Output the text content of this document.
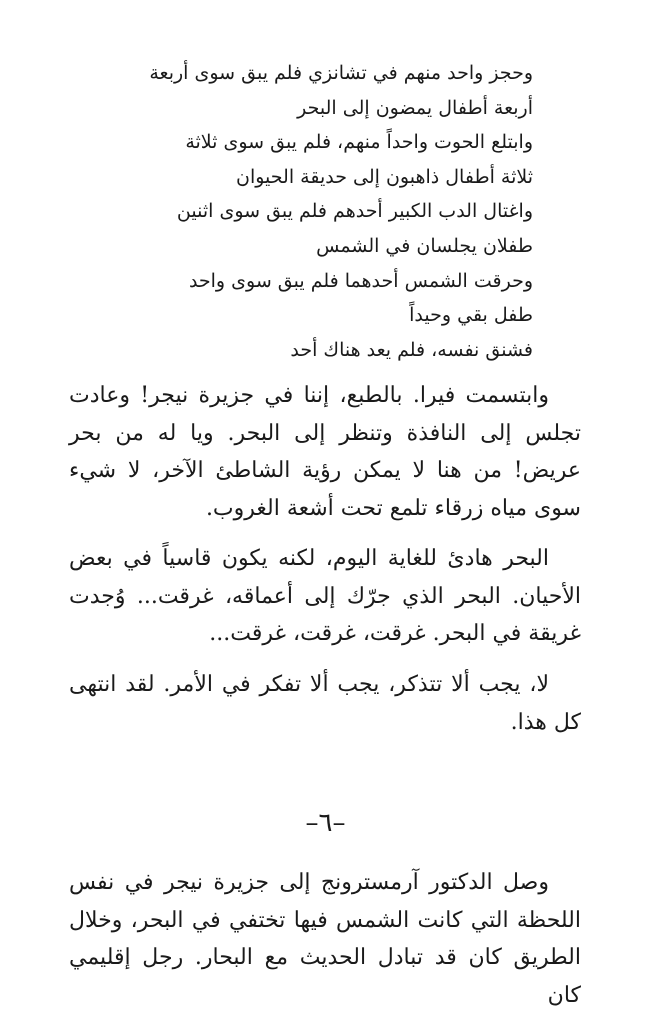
وحجز واحد منهم في تشانزي فلم يبق سوى أربعة
أربعة أطفال يمضون إلى البحر
وابتلع الحوت واحداً منهم، فلم يبق سوى ثلاثة
ثلاثة أطفال ذاهبون إلى حديقة الحيوان
واغتال الدب الكبير أحدهم فلم يبق سوى اثنين
طفلان يجلسان في الشمس
وحرقت الشمس أحدهما فلم يبق سوى واحد
طفل بقي وحيداً
فشنق نفسه، فلم يعد هناك أحد

وابتسمت فيرا. بالطبع، إننا في جزيرة نيجر! وعادت تجلس إلى النافذة وتنظر إلى البحر. ويا له من بحر عريض! من هنا لا يمكن رؤية الشاطئ الآخر، لا شيء سوى مياه زرقاء تلمع تحت أشعة الغروب.

البحر هادئ للغاية اليوم، لكنه يكون قاسياً في بعض الأحيان. البحر الذي جرّك إلى أعماقه، غرقت... وُجدت غريقة في البحر. غرقت، غرقت، غرقت...

لا، يجب ألا تتذكر، يجب ألا تفكر في الأمر. لقد انتهى كل هذا.

–٦–

وصل الدكتور آرمسترونج إلى جزيرة نيجر في نفس اللحظة التي كانت الشمس فيها تختفي في البحر، وخلال الطريق كان قد تبادل الحديث مع البحار. رجل إقليمي كان
